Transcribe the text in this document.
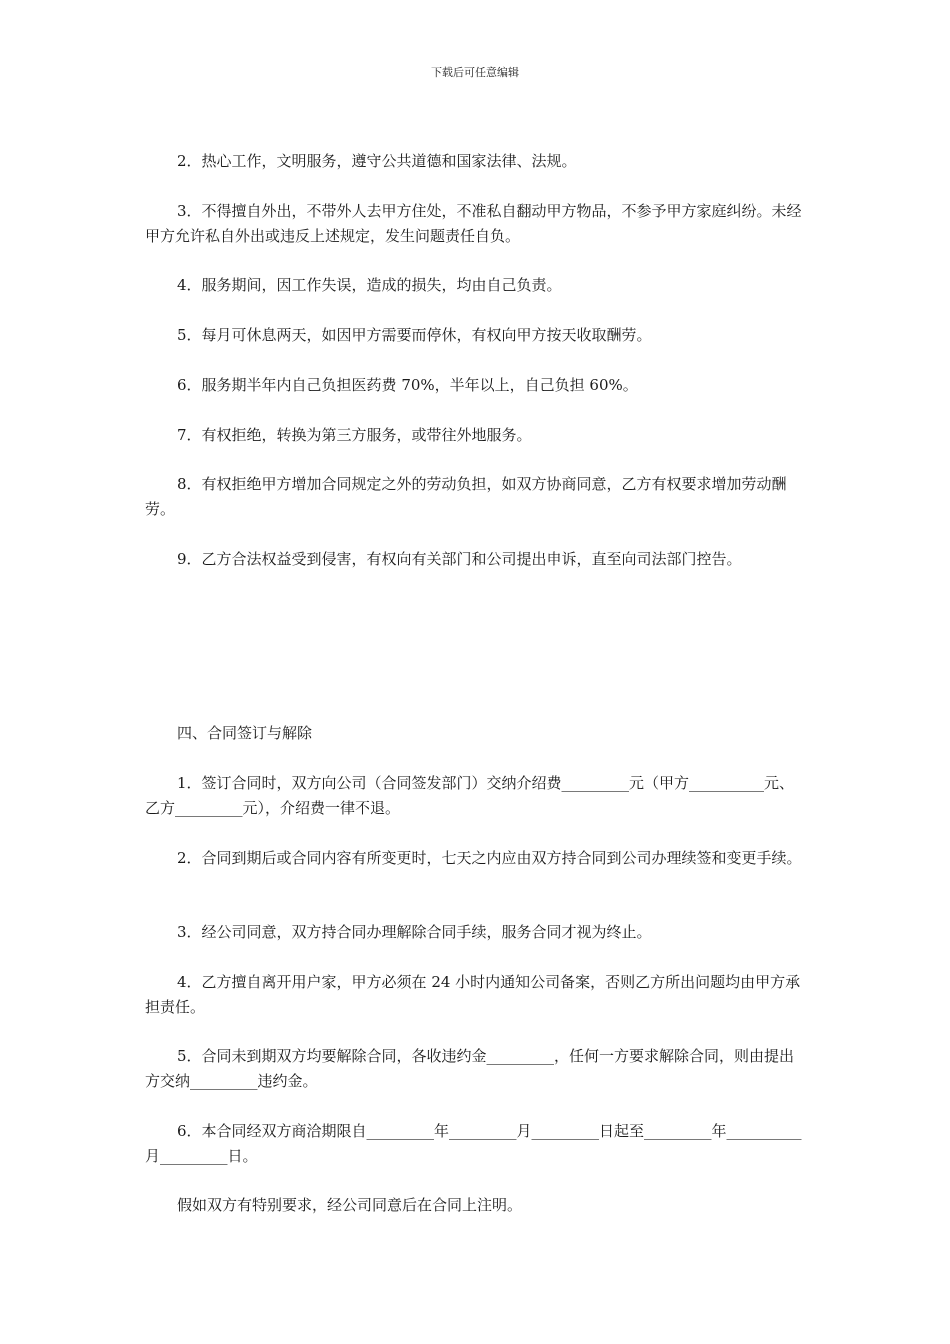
下载后可任意编辑

2．热心工作，文明服务，遵守公共道德和国家法律、法规。

3．不得擅自外出，不带外人去甲方住处，不准私自翻动甲方物品，不参予甲方家庭纠纷。未经甲方允许私自外出或违反上述规定，发生问题责任自负。

4．服务期间，因工作失误，造成的损失，均由自己负责。

5．每月可休息两天，如因甲方需要而停休，有权向甲方按天收取酬劳。

6．服务期半年内自己负担医药费 70%，半年以上，自己负担 60%。

7．有权拒绝，转换为第三方服务，或带往外地服务。

8．有权拒绝甲方增加合同规定之外的劳动负担，如双方协商同意，乙方有权要求增加劳动酬劳。

9．乙方合法权益受到侵害，有权向有关部门和公司提出申诉，直至向司法部门控告。

四、合同签订与解除

1．签订合同时，双方向公司（合同签发部门）交纳介绍费_________元（甲方__________元、乙方_________元），介绍费一律不退。

2．合同到期后或合同内容有所变更时，七天之内应由双方持合同到公司办理续签和变更手续。

3．经公司同意，双方持合同办理解除合同手续，服务合同才视为终止。

4．乙方擅自离开用户家，甲方必须在 24 小时内通知公司备案，否则乙方所出问题均由甲方承担责任。

5．合同未到期双方均要解除合同，各收违约金_________，任何一方要求解除合同，则由提出方交纳_________违约金。

6．本合同经双方商洽期限自_________年_________月_________日起至_________年__________月_________日。

假如双方有特别要求，经公司同意后在合同上注明。
